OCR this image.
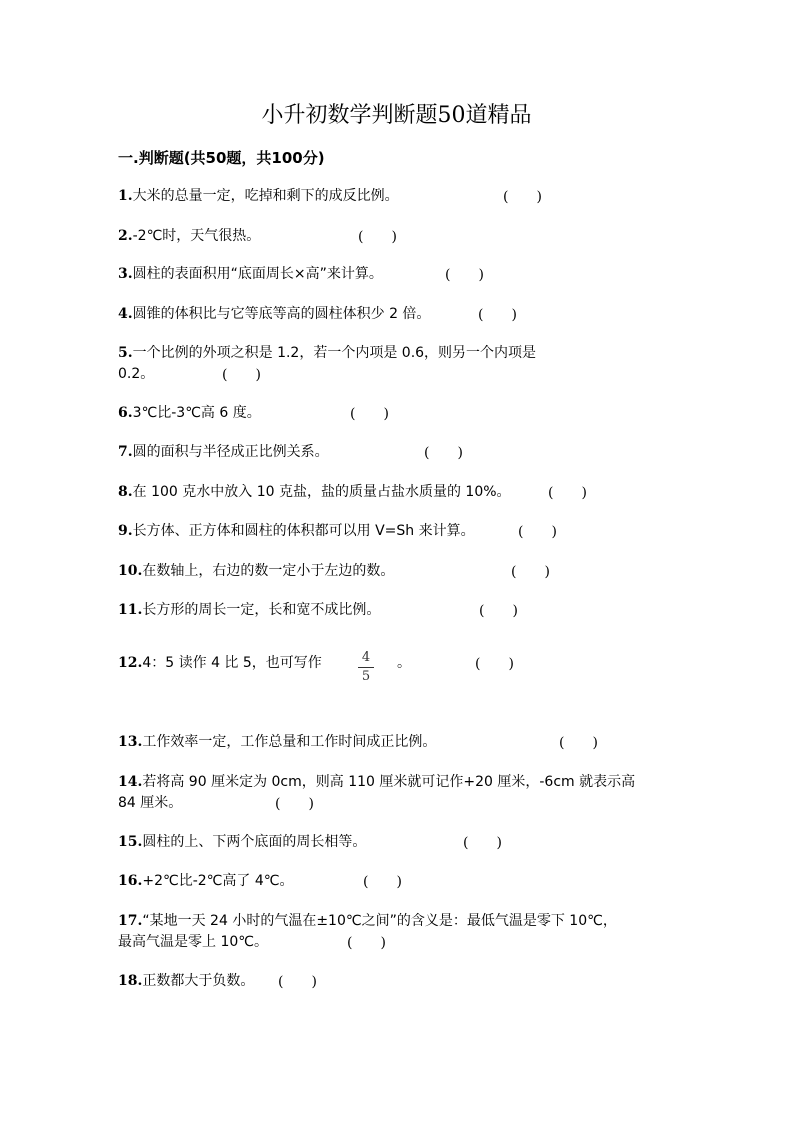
小升初数学判断题50道精品
一.判断题(共50题，共100分)
1.大米的总量一定，吃掉和剩下的成反比例。	(　　)
2.-2℃时，天气很热。	(　　)
3.圆柱的表面积用“底面周长×高”来计算。	(　　)
4.圆锥的体积比与它等底等高的圆柱体积少 2 倍。	(　　)
5.一个比例的外项之积是 1.2，若一个内项是 0.6，则另一个内项是
0.2。	(　　)
6.3℃比-3℃高 6 度。	(　　)
7.圆的面积与半径成正比例关系。	(　　)
8.在 100 克水中放入 10 克盐，盐的质量占盐水质量的 10%。	(　　)
9.长方体、正方体和圆柱的体积都可以用 V=Sh 来计算。	(　　)
10.在数轴上，右边的数一定小于左边的数。	(　　)
11.长方形的周长一定，长和宽不成比例。	(　　)
12.4：5 读作 4 比 5，也可写作	4
5
。	(　　)
13.工作效率一定，工作总量和工作时间成正比例。	(　　)
14.若将高 90 厘米定为 0cm，则高 110 厘米就可记作+20 厘米，-6cm 就表示高
84 厘米。	(　　)
15.圆柱的上、下两个底面的周长相等。	(　　)
16.+2℃比-2℃高了 4℃。	(　　)
17.“某地一天 24 小时的气温在±10℃之间”的含义是：最低气温是零下 10℃，
最高气温是零上 10℃。	(　　)
18.正数都大于负数。 (　　)
